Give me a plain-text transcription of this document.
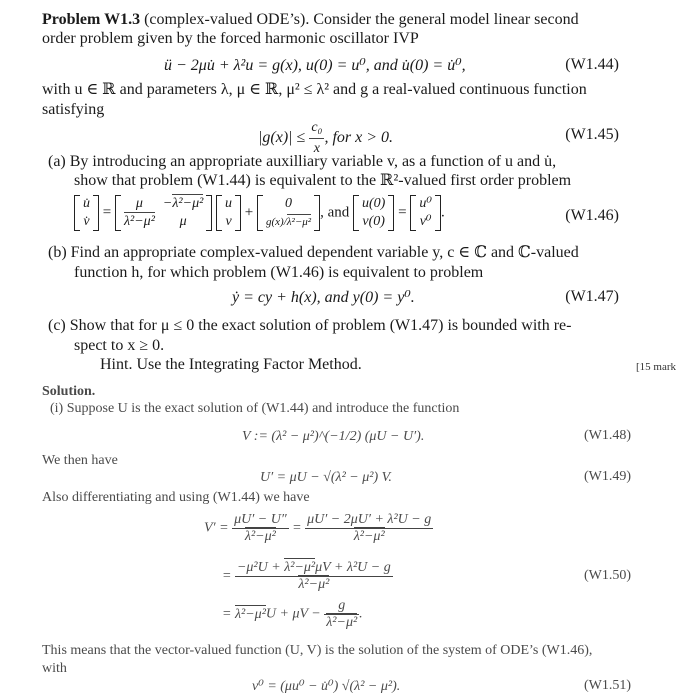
Problem W1.3 (complex-valued ODE’s). Consider the general model linear second
order problem given by the forced harmonic oscillator IVP
ü − 2μu̇ + λ²u = g(x), u(0) = u⁰, and u̇(0) = u̇⁰,	(W1.44)
with u ∈ ℝ and parameters λ, μ ∈ ℝ, μ² ≤ λ² and g a real-valued continuous function
satisfying
$|g(x)| \le \frac{\text{c₀}}{x}$ , for x > 0.	(W1.45)
(a) By introducing an appropriate auxilliary variable v, as a function of u and u̇,
show that problem (W1.44) is equivalent to the ℝ²-valued first order problem
u̇
v̇
=
μ	−λ²−μ²
λ²−μ²	μ

u
v
+
0
g(x)/λ²−μ²
, and
u(0)
v(0)
=
u⁰
v⁰
.	(W1.46)
(b) Find an appropriate complex-valued dependent variable y, c ∈ ℂ and ℂ-valued
function h, for which problem (W1.46) is equivalent to problem
ẏ = cy + h(x), and y(0) = y⁰.	(W1.47)
(c) Show that for μ ≤ 0 the exact solution of problem (W1.47) is bounded with re-
spect to x ≥ 0.
Hint. Use the Integrating Factor Method.	[15 mark
Solution.
(i) Suppose U is the exact solution of (W1.44) and introduce the function
V := (λ² − μ²)^(−1/2) (μU − U′).	(W1.48)
We then have
U′ = μU − √(λ² − μ²) V.	(W1.49)
Also differentiating and using (W1.44) we have
$V' = \frac{\mu U' - U''}{\text{λ²−μ²}} = \frac{\text{μU′ − 2μU′ + λ²U − g}}{\text{λ²−μ²}}$
= $\frac{\text{−μ²U + λ²−μ²μV + λ²U − g}}{\text{λ²−μ²}}$	(W1.50)
= $\lambda^2-\mu^2U + \mu V - \frac{g}{\text{λ²−μ²}}$ .
This means that the vector-valued function (U, V) is the solution of the system of ODE’s (W1.46),
with
v⁰ = (μu⁰ − u̇⁰) √(λ² − μ²).	(W1.51)
